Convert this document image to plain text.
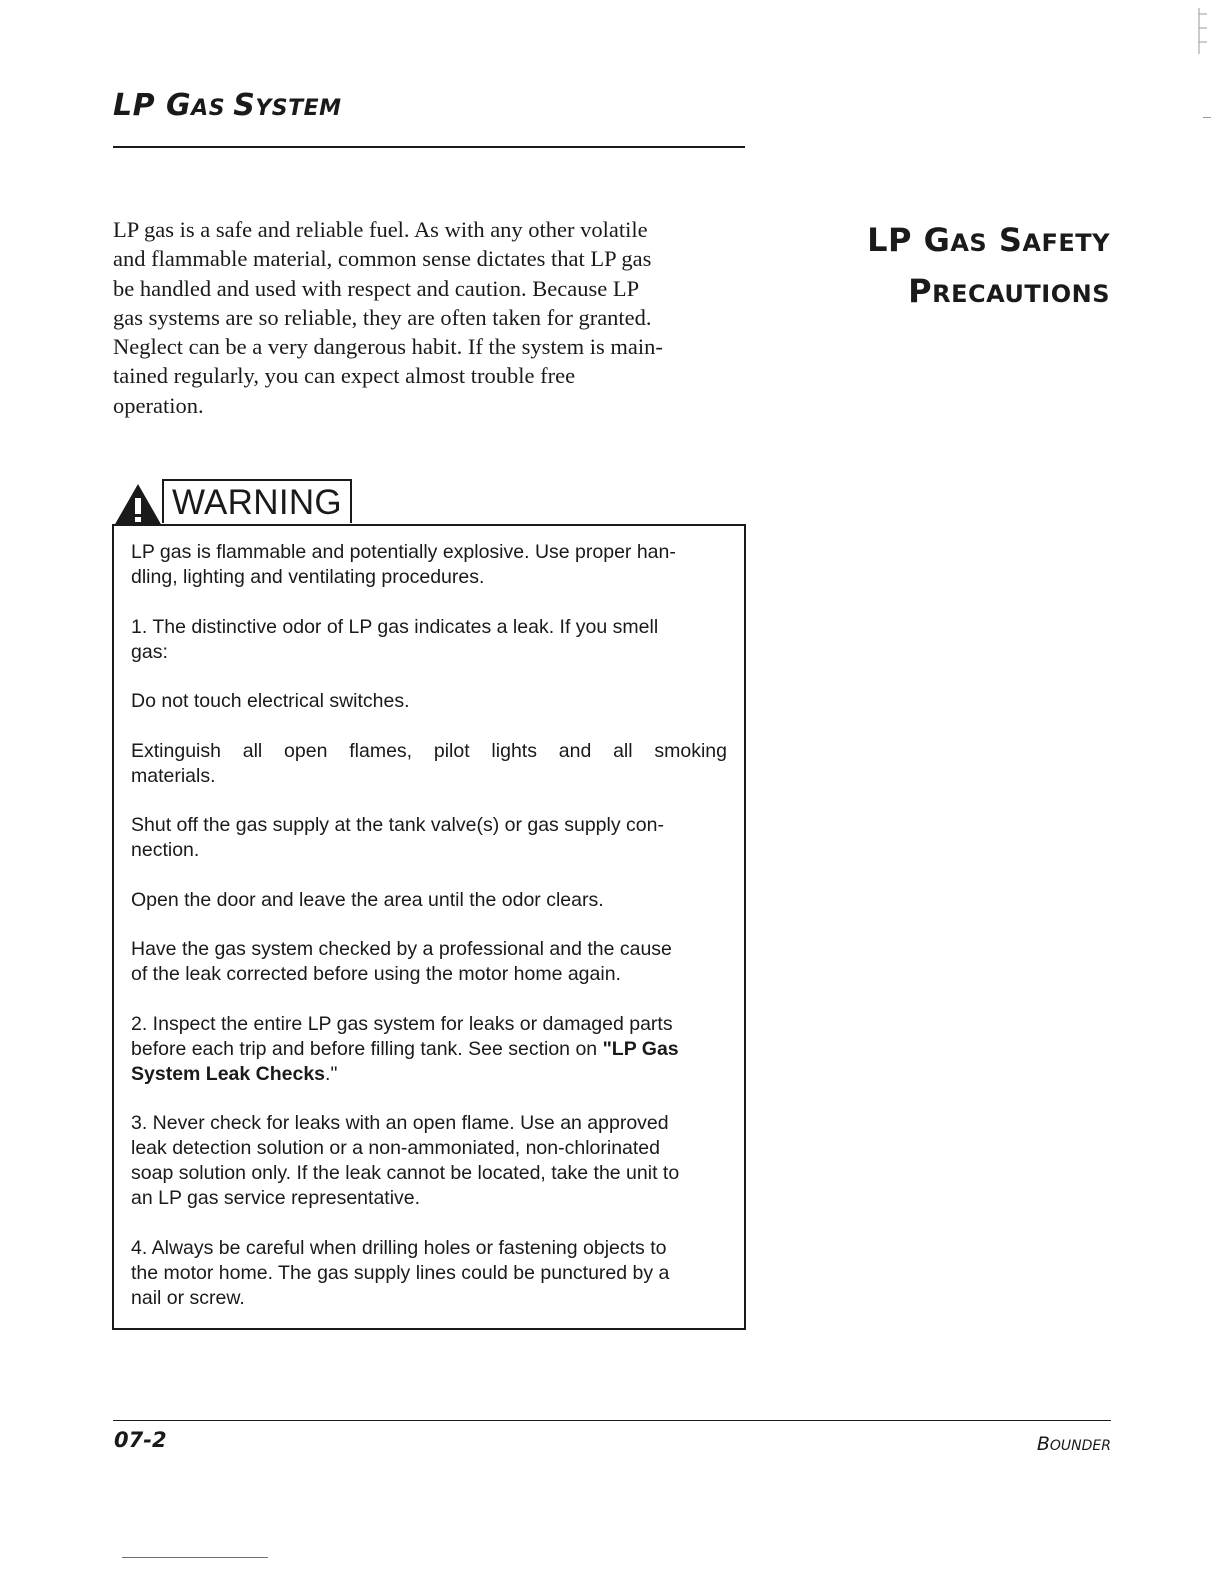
LP GAS SYSTEM
LP gas is a safe and reliable fuel. As with any other volatile
and flammable material, common sense dictates that LP gas
be handled and used with respect and caution. Because LP
gas systems are so reliable, they are often taken for granted.
Neglect can be a very dangerous habit. If the system is main-
tained regularly, you can expect almost trouble free
operation.
LP GAS SAFETY
PRECAUTIONS
WARNING

LP gas is flammable and potentially explosive. Use proper han-
dling, lighting and ventilating procedures.

1. The distinctive odor of LP gas indicates a leak. If you smell
gas:

Do not touch electrical switches.

Extinguish all open flames, pilot lights and all smoking
materials.

Shut off the gas supply at the tank valve(s) or gas supply con-
nection.

Open the door and leave the area until the odor clears.

Have the gas system checked by a professional and the cause
of the leak corrected before using the motor home again.

2. Inspect the entire LP gas system for leaks or damaged parts
before each trip and before filling tank. See section on "LP Gas
System Leak Checks."

3. Never check for leaks with an open flame. Use an approved
leak detection solution or a non-ammoniated, non-chlorinated
soap solution only. If the leak cannot be located, take the unit to
an LP gas service representative.

4. Always be careful when drilling holes or fastening objects to
the motor home. The gas supply lines could be punctured by a
nail or screw.

07-2	BOUNDER
